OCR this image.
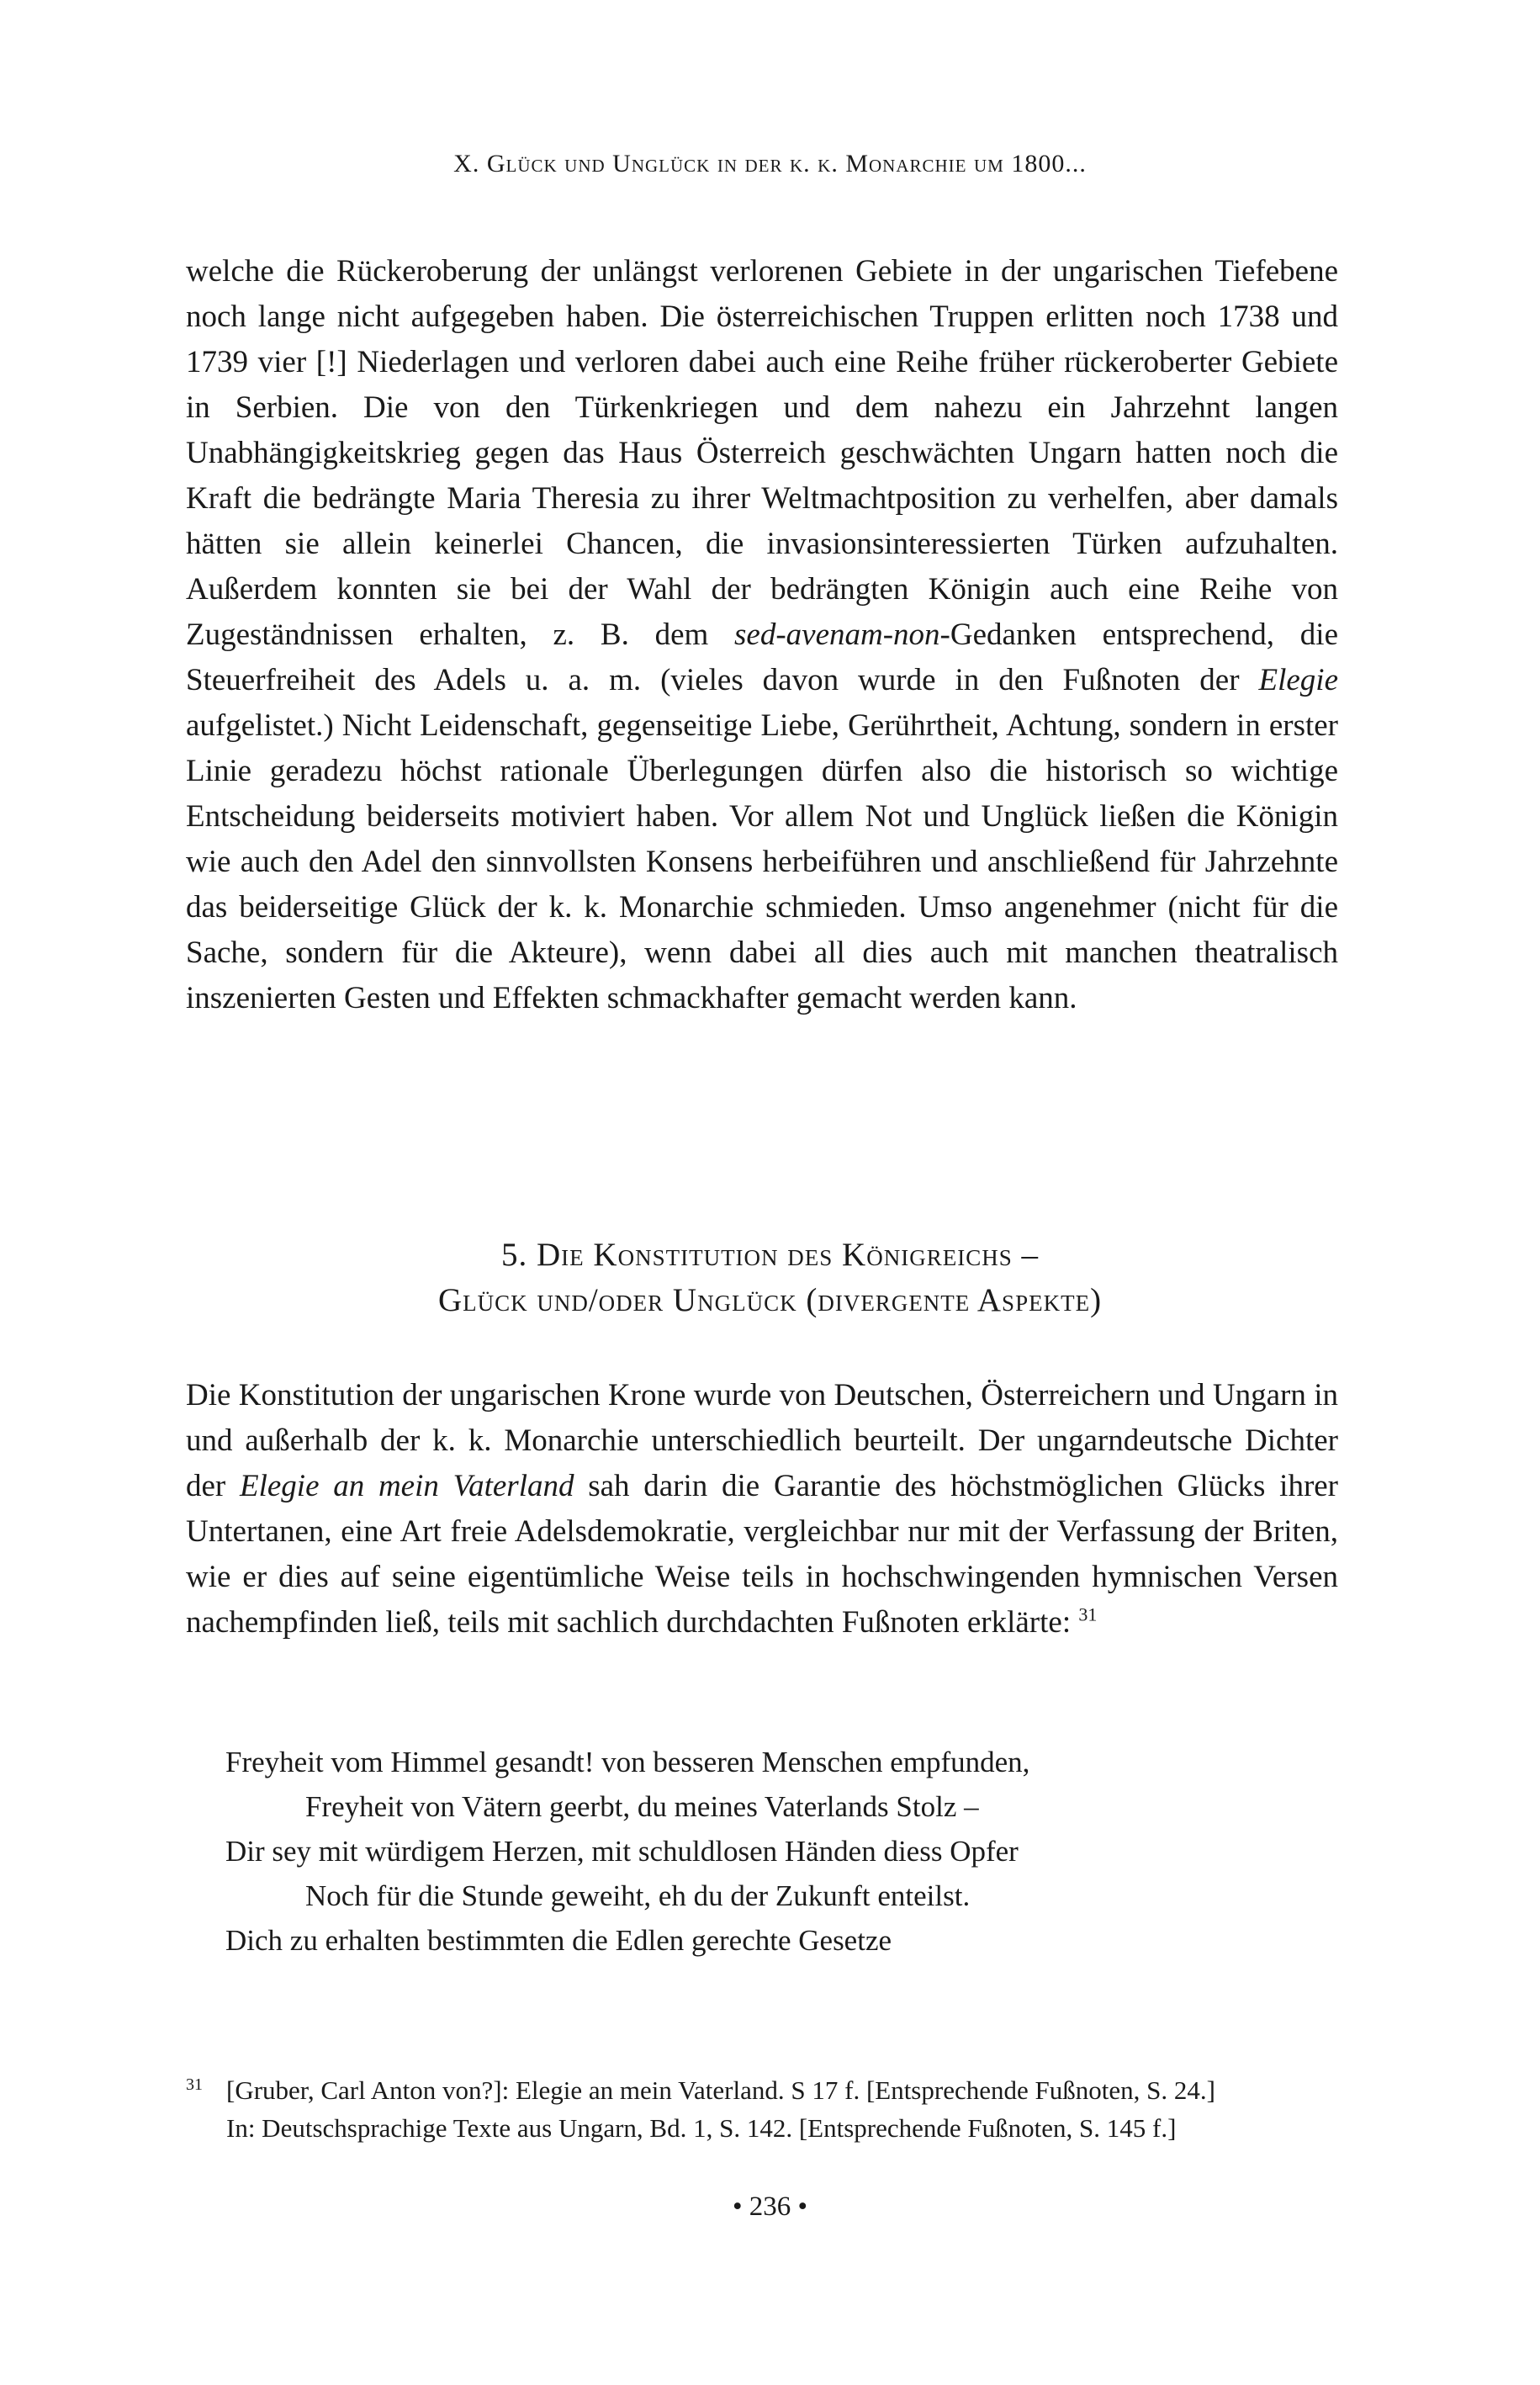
X. Glück und Unglück in der k. k. Monarchie um 1800...

welche die Rückeroberung der unlängst verlorenen Gebiete in der ungarischen Tiefebene noch lange nicht aufgegeben haben. Die österreichischen Truppen erlitten noch 1738 und 1739 vier [!] Niederlagen und verloren dabei auch eine Reihe früher rückeroberter Gebiete in Serbien. Die von den Türkenkriegen und dem nahezu ein Jahrzehnt langen Unabhängigkeitskrieg gegen das Haus Österreich geschwächten Ungarn hatten noch die Kraft die bedrängte Maria Theresia zu ihrer Weltmachtposition zu verhelfen, aber damals hätten sie allein keinerlei Chancen, die invasionsinteressierten Türken aufzuhalten. Außerdem konnten sie bei der Wahl der bedrängten Königin auch eine Reihe von Zugeständnissen erhalten, z. B. dem sed-avenam-non-Gedanken entsprechend, die Steuerfreiheit des Adels u. a. m. (vieles davon wurde in den Fußnoten der Elegie aufgelistet.) Nicht Leidenschaft, gegenseitige Liebe, Gerührtheit, Achtung, sondern in erster Linie geradezu höchst rationale Überlegungen dürfen also die historisch so wichtige Entscheidung beiderseits motiviert haben. Vor allem Not und Unglück ließen die Königin wie auch den Adel den sinnvollsten Konsens herbeiführen und anschließend für Jahrzehnte das beiderseitige Glück der k. k. Monarchie schmieden. Umso angenehmer (nicht für die Sache, sondern für die Akteure), wenn dabei all dies auch mit manchen theatralisch inszenierten Gesten und Effekten schmackhafter gemacht werden kann.

5. Die Konstitution des Königreichs –
Glück und/oder Unglück (divergente Aspekte)

Die Konstitution der ungarischen Krone wurde von Deutschen, Österreichern und Ungarn in und außerhalb der k. k. Monarchie unterschiedlich beurteilt. Der ungarndeutsche Dichter der Elegie an mein Vaterland sah darin die Garantie des höchstmöglichen Glücks ihrer Untertanen, eine Art freie Adelsdemokratie, vergleichbar nur mit der Verfassung der Briten, wie er dies auf seine eigentümliche Weise teils in hochschwingenden hymnischen Versen nachempfinden ließ, teils mit sachlich durchdachten Fußnoten erklärte: $^{31}$

Freyheit vom Himmel gesandt! von besseren Menschen empfunden,
Freyheit von Vätern geerbt, du meines Vaterlands Stolz –
Dir sey mit würdigem Herzen, mit schuldlosen Händen diess Opfer
Noch für die Stunde geweiht, eh du der Zukunft enteilst.
Dich zu erhalten bestimmten die Edlen gerechte Gesetze
31 [Gruber, Carl Anton von?]: Elegie an mein Vaterland. S 17 f. [Entsprechende Fußnoten, S. 24.]
In: Deutschsprachige Texte aus Ungarn, Bd. 1, S. 142. [Entsprechende Fußnoten, S. 145 f.]
• 236 •
